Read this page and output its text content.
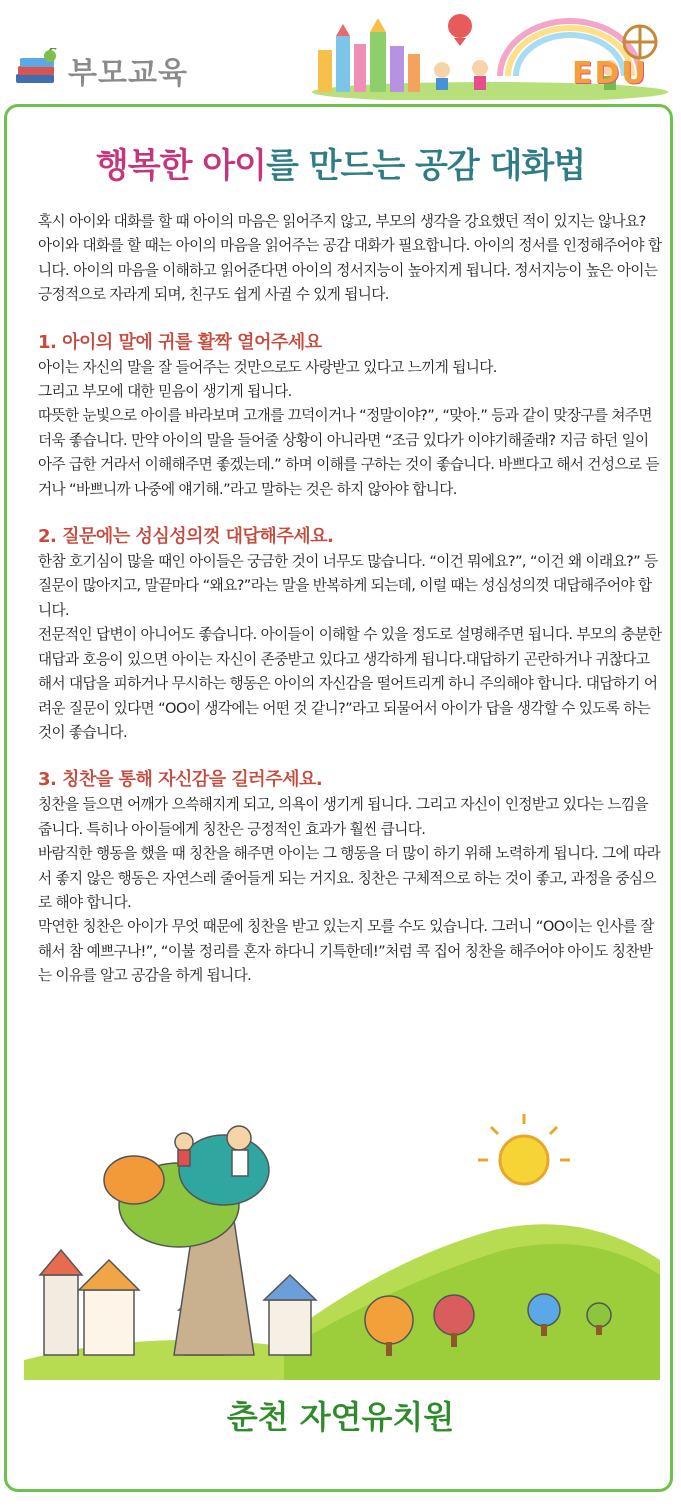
부모교육	EDU
행복한 아이를 만드는 공감 대화법

혹시 아이와 대화를 할 때 아이의 마음은 읽어주지 않고, 부모의 생각을 강요했던 적이 있지는 않나요? 아이와 대화를 할 때는 아이의 마음을 읽어주는 공감 대화가 필요합니다. 아이의 정서를 인정해주어야 합니다. 아이의 마음을 이해하고 읽어준다면 아이의 정서지능이 높아지게 됩니다. 정서지능이 높은 아이는 긍정적으로 자라게 되며, 친구도 쉽게 사귈 수 있게 됩니다.

1. 아이의 말에 귀를 활짝 열어주세요

아이는 자신의 말을 잘 들어주는 것만으로도 사랑받고 있다고 느끼게 됩니다.

그리고 부모에 대한 믿음이 생기게 됩니다.

따뜻한 눈빛으로 아이를 바라보며 고개를 끄덕이거나 “정말이야?”, “맞아.” 등과 같이 맞장구를 쳐주면 더욱 좋습니다. 만약 아이의 말을 들어줄 상황이 아니라면 “조금 있다가 이야기해줄래? 지금 하던 일이 아주 급한 거라서 이해해주면 좋겠는데.” 하며 이해를 구하는 것이 좋습니다. 바쁘다고 해서 건성으로 듣거나 “바쁘니까 나중에 얘기해.”라고 말하는 것은 하지 않아야 합니다.

2. 질문에는 성심성의껏 대답해주세요.

한참 호기심이 많을 때인 아이들은 궁금한 것이 너무도 많습니다. “이건 뭐에요?”, “이건 왜 이래요?” 등 질문이 많아지고, 말끝마다 “왜요?”라는 말을 반복하게 되는데, 이럴 때는 성심성의껏 대답해주어야 합니다.

전문적인 답변이 아니어도 좋습니다. 아이들이 이해할 수 있을 정도로 설명해주면 됩니다. 부모의 충분한 대답과 호응이 있으면 아이는 자신이 존중받고 있다고 생각하게 됩니다.대답하기 곤란하거나 귀찮다고 해서 대답을 피하거나 무시하는 행동은 아이의 자신감을 떨어트리게 하니 주의해야 합니다. 대답하기 어려운 질문이 있다면 “OO이 생각에는 어떤 것 같니?”라고 되물어서 아이가 답을 생각할 수 있도록 하는 것이 좋습니다.

3. 칭찬을 통해 자신감을 길러주세요.

칭찬을 들으면 어깨가 으쓱해지게 되고, 의욕이 생기게 됩니다. 그리고 자신이 인정받고 있다는 느낌을 줍니다. 특히나 아이들에게 칭찬은 긍정적인 효과가 훨씬 큽니다.

바람직한 행동을 했을 때 칭찬을 해주면 아이는 그 행동을 더 많이 하기 위해 노력하게 됩니다. 그에 따라서 좋지 않은 행동은 자연스레 줄어들게 되는 거지요. 칭찬은 구체적으로 하는 것이 좋고, 과정을 중심으로 해야 합니다.

막연한 칭찬은 아이가 무엇 때문에 칭찬을 받고 있는지 모를 수도 있습니다. 그러니 “OO이는 인사를 잘해서 참 예쁘구나!”, “이불 정리를 혼자 하다니 기특한데!”처럼 콕 집어 칭찬을 해주어야 아이도 칭찬받는 이유를 알고 공감을 하게 됩니다.

춘천 자연유치원
